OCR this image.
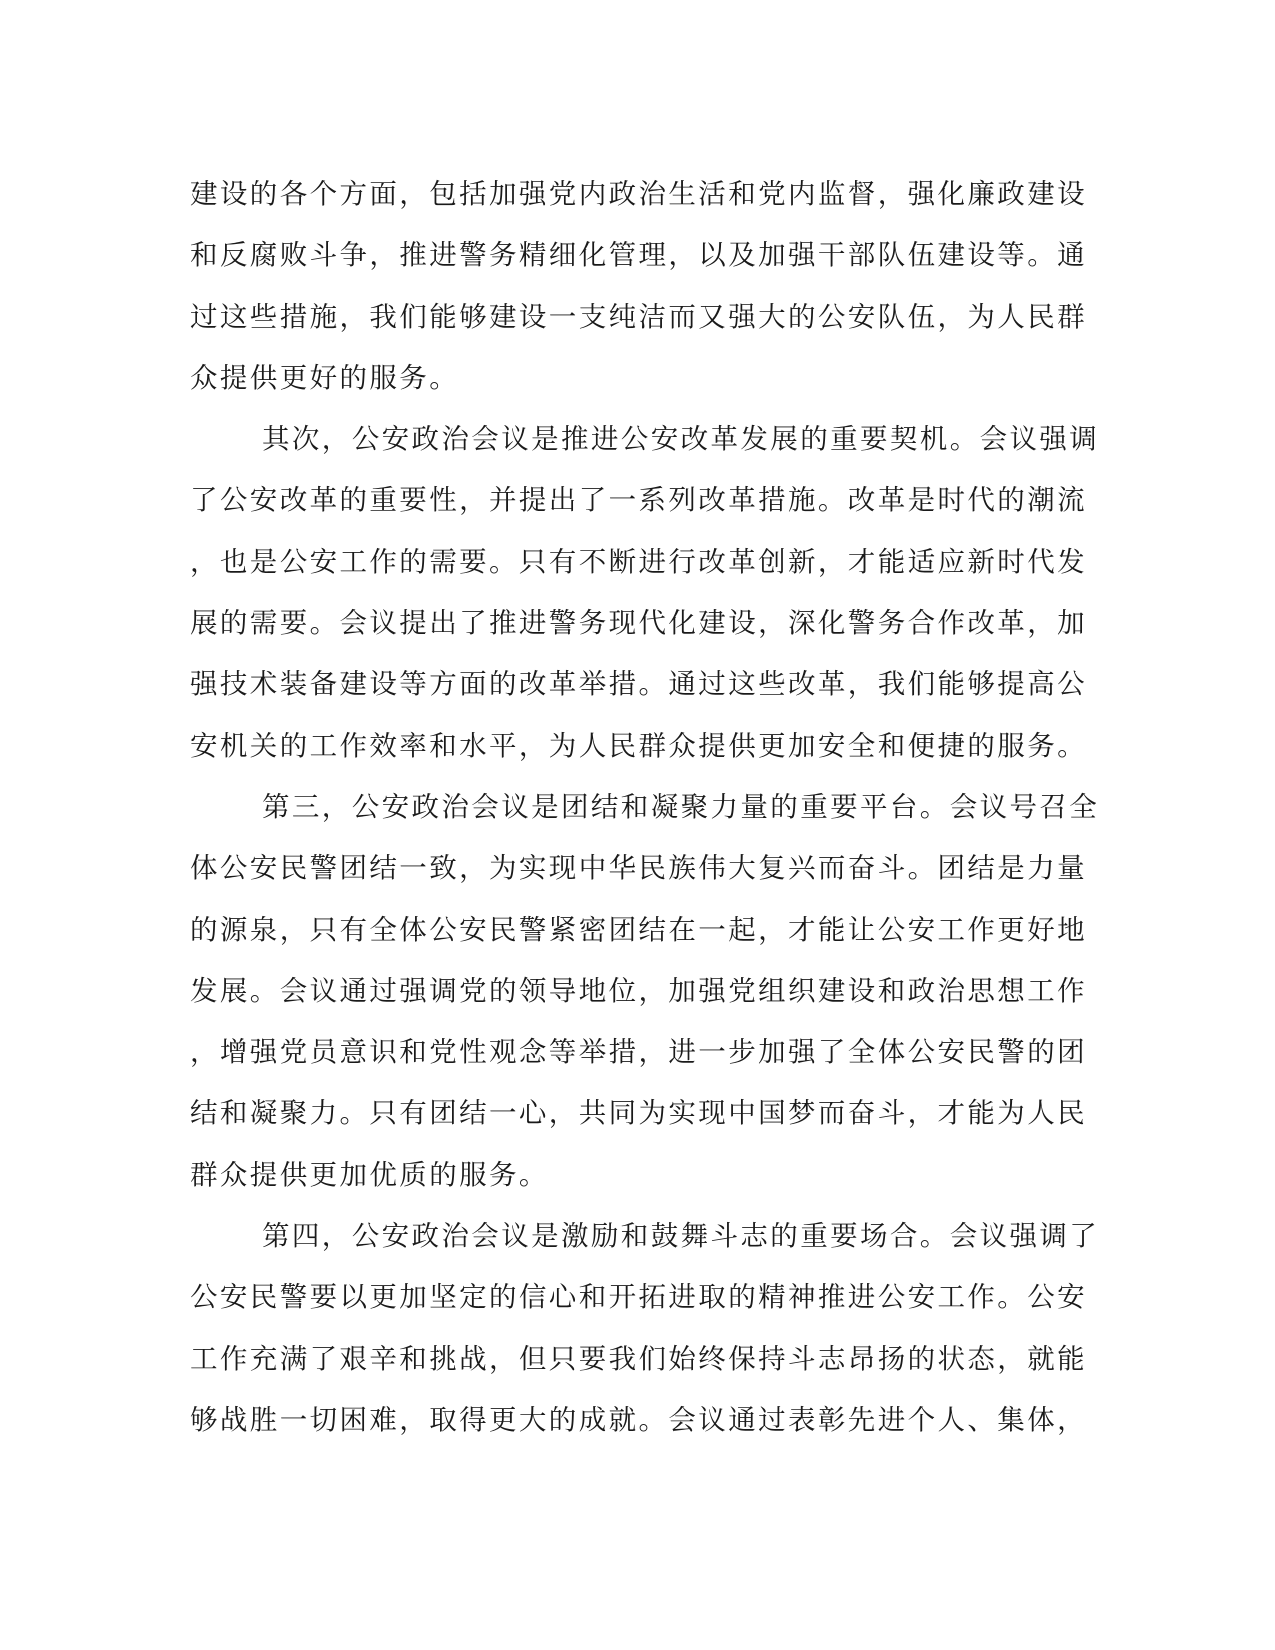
建设的各个方面，包括加强党内政治生活和党内监督，强化廉政建设
和反腐败斗争，推进警务精细化管理，以及加强干部队伍建设等。通
过这些措施，我们能够建设一支纯洁而又强大的公安队伍，为人民群
众提供更好的服务。
其次，公安政治会议是推进公安改革发展的重要契机。会议强调
了公安改革的重要性，并提出了一系列改革措施。改革是时代的潮流
，也是公安工作的需要。只有不断进行改革创新，才能适应新时代发
展的需要。会议提出了推进警务现代化建设，深化警务合作改革，加
强技术装备建设等方面的改革举措。通过这些改革，我们能够提高公
安机关的工作效率和水平，为人民群众提供更加安全和便捷的服务。
第三，公安政治会议是团结和凝聚力量的重要平台。会议号召全
体公安民警团结一致，为实现中华民族伟大复兴而奋斗。团结是力量
的源泉，只有全体公安民警紧密团结在一起，才能让公安工作更好地
发展。会议通过强调党的领导地位，加强党组织建设和政治思想工作
，增强党员意识和党性观念等举措，进一步加强了全体公安民警的团
结和凝聚力。只有团结一心，共同为实现中国梦而奋斗，才能为人民
群众提供更加优质的服务。
第四，公安政治会议是激励和鼓舞斗志的重要场合。会议强调了
公安民警要以更加坚定的信心和开拓进取的精神推进公安工作。公安
工作充满了艰辛和挑战，但只要我们始终保持斗志昂扬的状态，就能
够战胜一切困难，取得更大的成就。会议通过表彰先进个人、集体，
